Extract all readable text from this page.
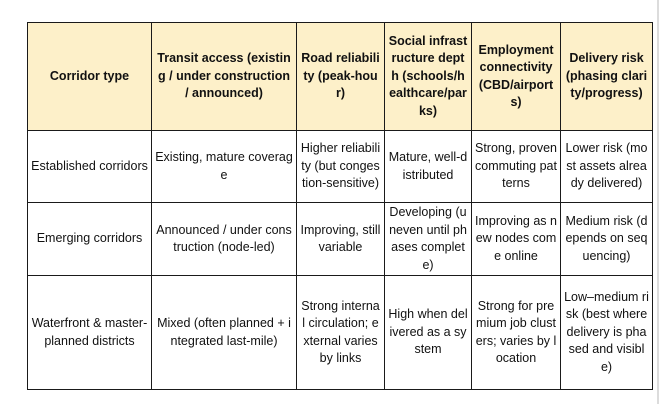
Corridor type	Transit access (existing / under construction / announced)	Road reliability (peak-hour)	Social infrastructure depth (schools/healthcare/parks)	Employment connectivity (CBD/airports)	Delivery risk (phasing clarity/progress)

Established corridors	Existing, mature coverage	Higher reliability (but congestion-sensitive)	Mature, well-distributed	Strong, proven commuting patterns	Lower risk (most assets already delivered)

Emerging corridors	Announced / under construction (node-led)	Improving, still variable	Developing (uneven until phases complete)	Improving as new nodes come online	Medium risk (depends on sequencing)

Waterfront & master-planned districts	Mixed (often planned + integrated last-mile)	Strong internal circulation; external varies by links	High when delivered as a system	Strong for premium job clusters; varies by location	Low–medium risk (best where delivery is phased and visible)
